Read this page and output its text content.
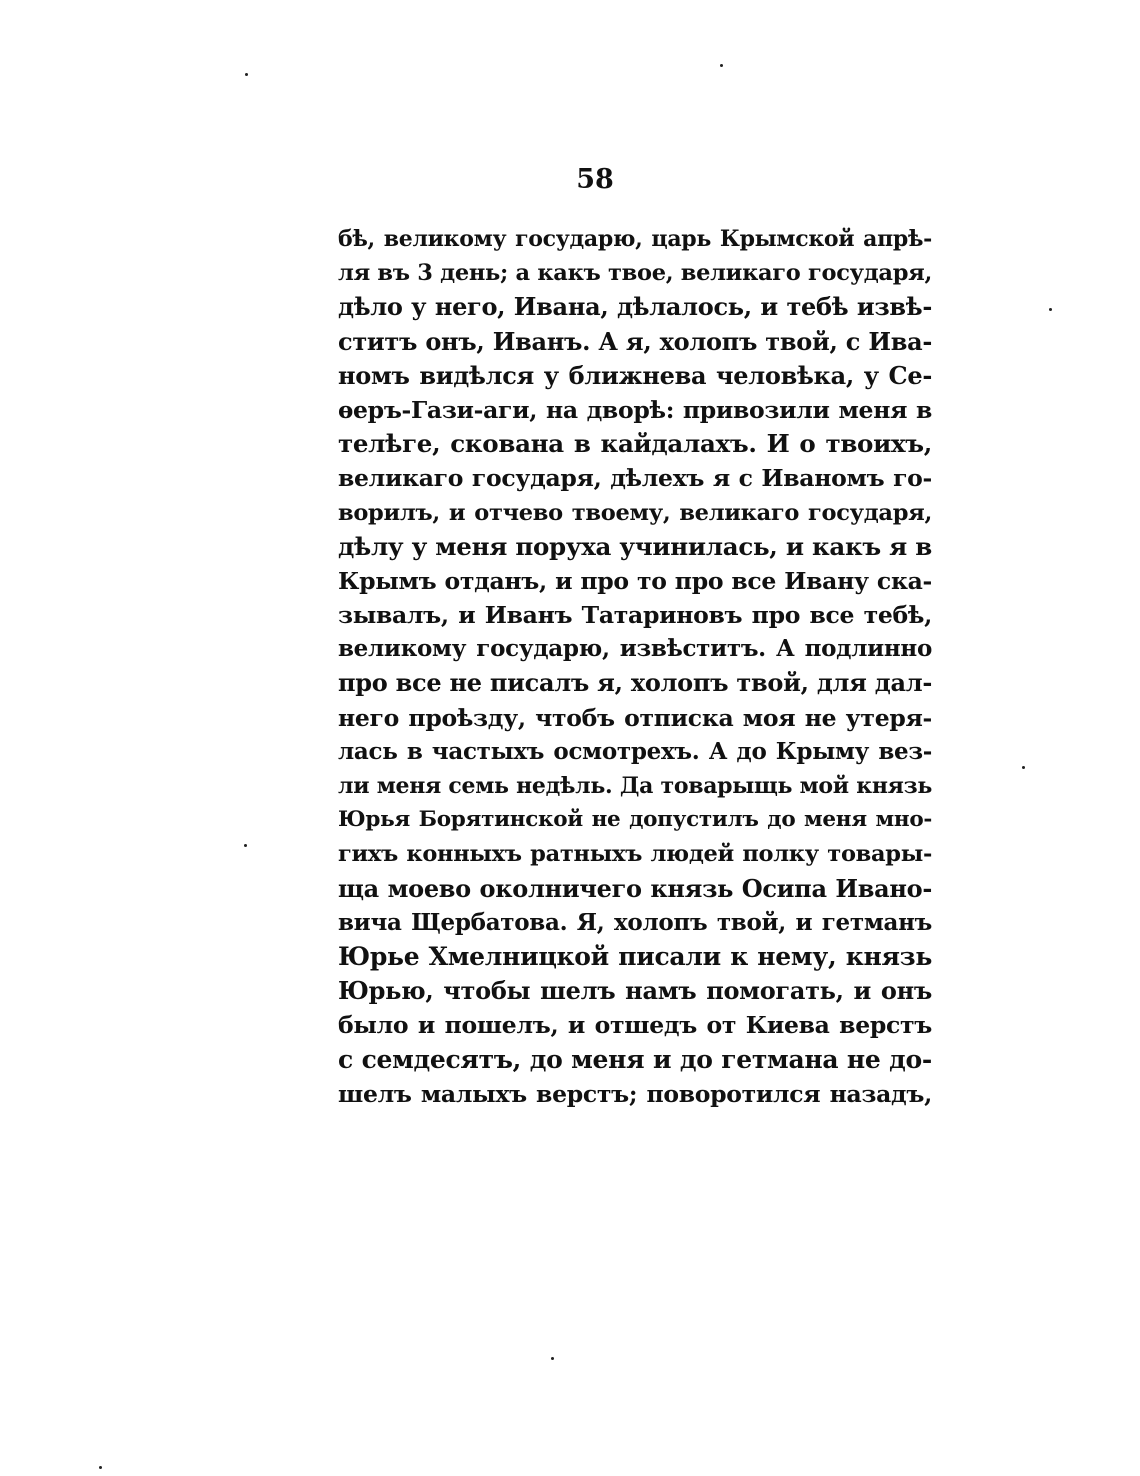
58
бѣ, великому государю, царь Крымской апрѣ-
ля въ 3 день; а какъ твое, великаго государя,
дѣло у него, Ивана, дѣлалось, и тебѣ извѣ-
ститъ онъ, Иванъ. А я, холопъ твой, с Ива-
номъ видѣлся у ближнева человѣка, у Се-
ѳеръ-Гази-аги, на дворѣ: привозили меня в
телѣге, скована в кайдалахъ. И о твоихъ,
великаго государя, дѣлехъ я с Иваномъ го-
ворилъ, и отчево твоему, великаго государя,
дѣлу у меня поруха учинилась, и какъ я в
Крымъ отданъ, и про то про все Ивану ска-
зывалъ, и Иванъ Татариновъ про все тебѣ,
великому государю, извѣститъ. А подлинно
про все не писалъ я, холопъ твой, для дал-
него проѣзду, чтобъ отписка моя не утеря-
лась в частыхъ осмотрехъ. А до Крыму вез-
ли меня семь недѣль. Да товарыщь мой князь
Юрья Борятинской не допустилъ до меня мно-
гихъ конныхъ ратныхъ людей полку товары-
ща моево околничего князь Осипа Ивано-
вича Щербатова. Я, холопъ твой, и гетманъ
Юрье Хмелницкой писали к нему, князь
Юрью, чтобы шелъ намъ помогать, и онъ
было и пошелъ, и отшедъ от Киева верстъ
с семдесятъ, до меня и до гетмана не до-
шелъ малыхъ верстъ; поворотился назадъ,
